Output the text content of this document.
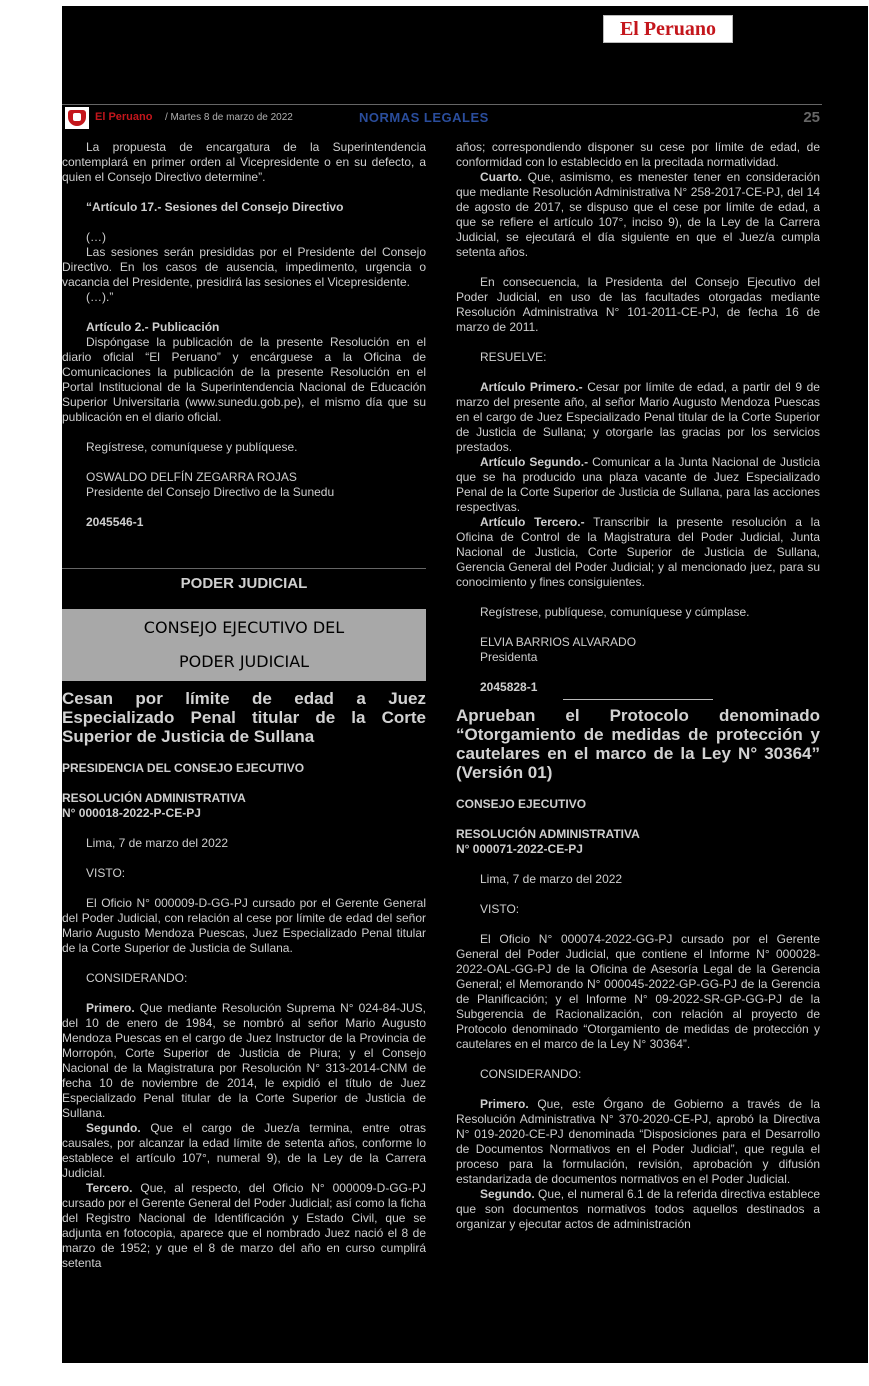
El Peruano
El Peruano / Martes 8 de marzo de 2022	NORMAS LEGALES	25

La propuesta de encargatura de la Superintendencia contemplará en primer orden al Vicepresidente o en su defecto, a quien el Consejo Directivo determine”.

“Artículo 17.- Sesiones del Consejo Directivo

(…)

Las sesiones serán presididas por el Presidente del Consejo Directivo. En los casos de ausencia, impedimento, urgencia o vacancia del Presidente, presidirá las sesiones el Vicepresidente.

(…).”

Artículo 2.- Publicación

Dispóngase la publicación de la presente Resolución en el diario oficial “El Peruano” y encárguese a la Oficina de Comunicaciones la publicación de la presente Resolución en el Portal Institucional de la Superintendencia Nacional de Educación Superior Universitaria (www.sunedu.gob.pe), el mismo día que su publicación en el diario oficial.

Regístrese, comuníquese y publíquese.

OSWALDO DELFÍN ZEGARRA ROJAS

Presidente del Consejo Directivo de la Sunedu

2045546-1

PODER JUDICIAL
CONSEJO EJECUTIVO DEL
PODER JUDICIAL
Cesan por límite de edad a Juez Especializado Penal titular de la Corte Superior de Justicia de Sullana

PRESIDENCIA DEL CONSEJO EJECUTIVO

RESOLUCIÓN ADMINISTRATIVA

N° 000018-2022-P-CE-PJ

Lima, 7 de marzo del 2022

VISTO:

El Oficio N° 000009-D-GG-PJ cursado por el Gerente General del Poder Judicial, con relación al cese por límite de edad del señor Mario Augusto Mendoza Puescas, Juez Especializado Penal titular de la Corte Superior de Justicia de Sullana.

CONSIDERANDO:

Primero. Que mediante Resolución Suprema N° 024-84-JUS, del 10 de enero de 1984, se nombró al señor Mario Augusto Mendoza Puescas en el cargo de Juez Instructor de la Provincia de Morropón, Corte Superior de Justicia de Piura; y el Consejo Nacional de la Magistratura por Resolución N° 313-2014-CNM de fecha 10 de noviembre de 2014, le expidió el título de Juez Especializado Penal titular de la Corte Superior de Justicia de Sullana.

Segundo. Que el cargo de Juez/a termina, entre otras causales, por alcanzar la edad límite de setenta años, conforme lo establece el artículo 107°, numeral 9), de la Ley de la Carrera Judicial.

Tercero. Que, al respecto, del Oficio N° 000009-D-GG-PJ cursado por el Gerente General del Poder Judicial; así como la ficha del Registro Nacional de Identificación y Estado Civil, que se adjunta en fotocopia, aparece que el nombrado Juez nació el 8 de marzo de 1952; y que el 8 de marzo del año en curso cumplirá setenta

años; correspondiendo disponer su cese por límite de edad, de conformidad con lo establecido en la precitada normatividad.

Cuarto. Que, asimismo, es menester tener en consideración que mediante Resolución Administrativa N° 258-2017-CE-PJ, del 14 de agosto de 2017, se dispuso que el cese por límite de edad, a que se refiere el artículo 107°, inciso 9), de la Ley de la Carrera Judicial, se ejecutará el día siguiente en que el Juez/a cumpla setenta años.

En consecuencia, la Presidenta del Consejo Ejecutivo del Poder Judicial, en uso de las facultades otorgadas mediante Resolución Administrativa N° 101-2011-CE-PJ, de fecha 16 de marzo de 2011.

RESUELVE:

Artículo Primero.- Cesar por límite de edad, a partir del 9 de marzo del presente año, al señor Mario Augusto Mendoza Puescas en el cargo de Juez Especializado Penal titular de la Corte Superior de Justicia de Sullana; y otorgarle las gracias por los servicios prestados.

Artículo Segundo.- Comunicar a la Junta Nacional de Justicia que se ha producido una plaza vacante de Juez Especializado Penal de la Corte Superior de Justicia de Sullana, para las acciones respectivas.

Artículo Tercero.- Transcribir la presente resolución a la Oficina de Control de la Magistratura del Poder Judicial, Junta Nacional de Justicia, Corte Superior de Justicia de Sullana, Gerencia General del Poder Judicial; y al mencionado juez, para su conocimiento y fines consiguientes.

Regístrese, publíquese, comuníquese y cúmplase.

ELVIA BARRIOS ALVARADO

Presidenta

2045828-1

Aprueban el Protocolo denominado “Otorgamiento de medidas de protección y cautelares en el marco de la Ley N° 30364” (Versión 01)

CONSEJO EJECUTIVO

RESOLUCIÓN ADMINISTRATIVA

N° 000071-2022-CE-PJ

Lima, 7 de marzo del 2022

VISTO:

El Oficio N° 000074-2022-GG-PJ cursado por el Gerente General del Poder Judicial, que contiene el Informe N° 000028-2022-OAL-GG-PJ de la Oficina de Asesoría Legal de la Gerencia General; el Memorando N° 000045-2022-GP-GG-PJ de la Gerencia de Planificación; y el Informe N° 09-2022-SR-GP-GG-PJ de la Subgerencia de Racionalización, con relación al proyecto de Protocolo denominado “Otorgamiento de medidas de protección y cautelares en el marco de la Ley N° 30364”.

CONSIDERANDO:

Primero. Que, este Órgano de Gobierno a través de la Resolución Administrativa N° 370-2020-CE-PJ, aprobó la Directiva N° 019-2020-CE-PJ denominada “Disposiciones para el Desarrollo de Documentos Normativos en el Poder Judicial”, que regula el proceso para la formulación, revisión, aprobación y difusión estandarizada de documentos normativos en el Poder Judicial.

Segundo. Que, el numeral 6.1 de la referida directiva establece que son documentos normativos todos aquellos destinados a organizar y ejecutar actos de administración
